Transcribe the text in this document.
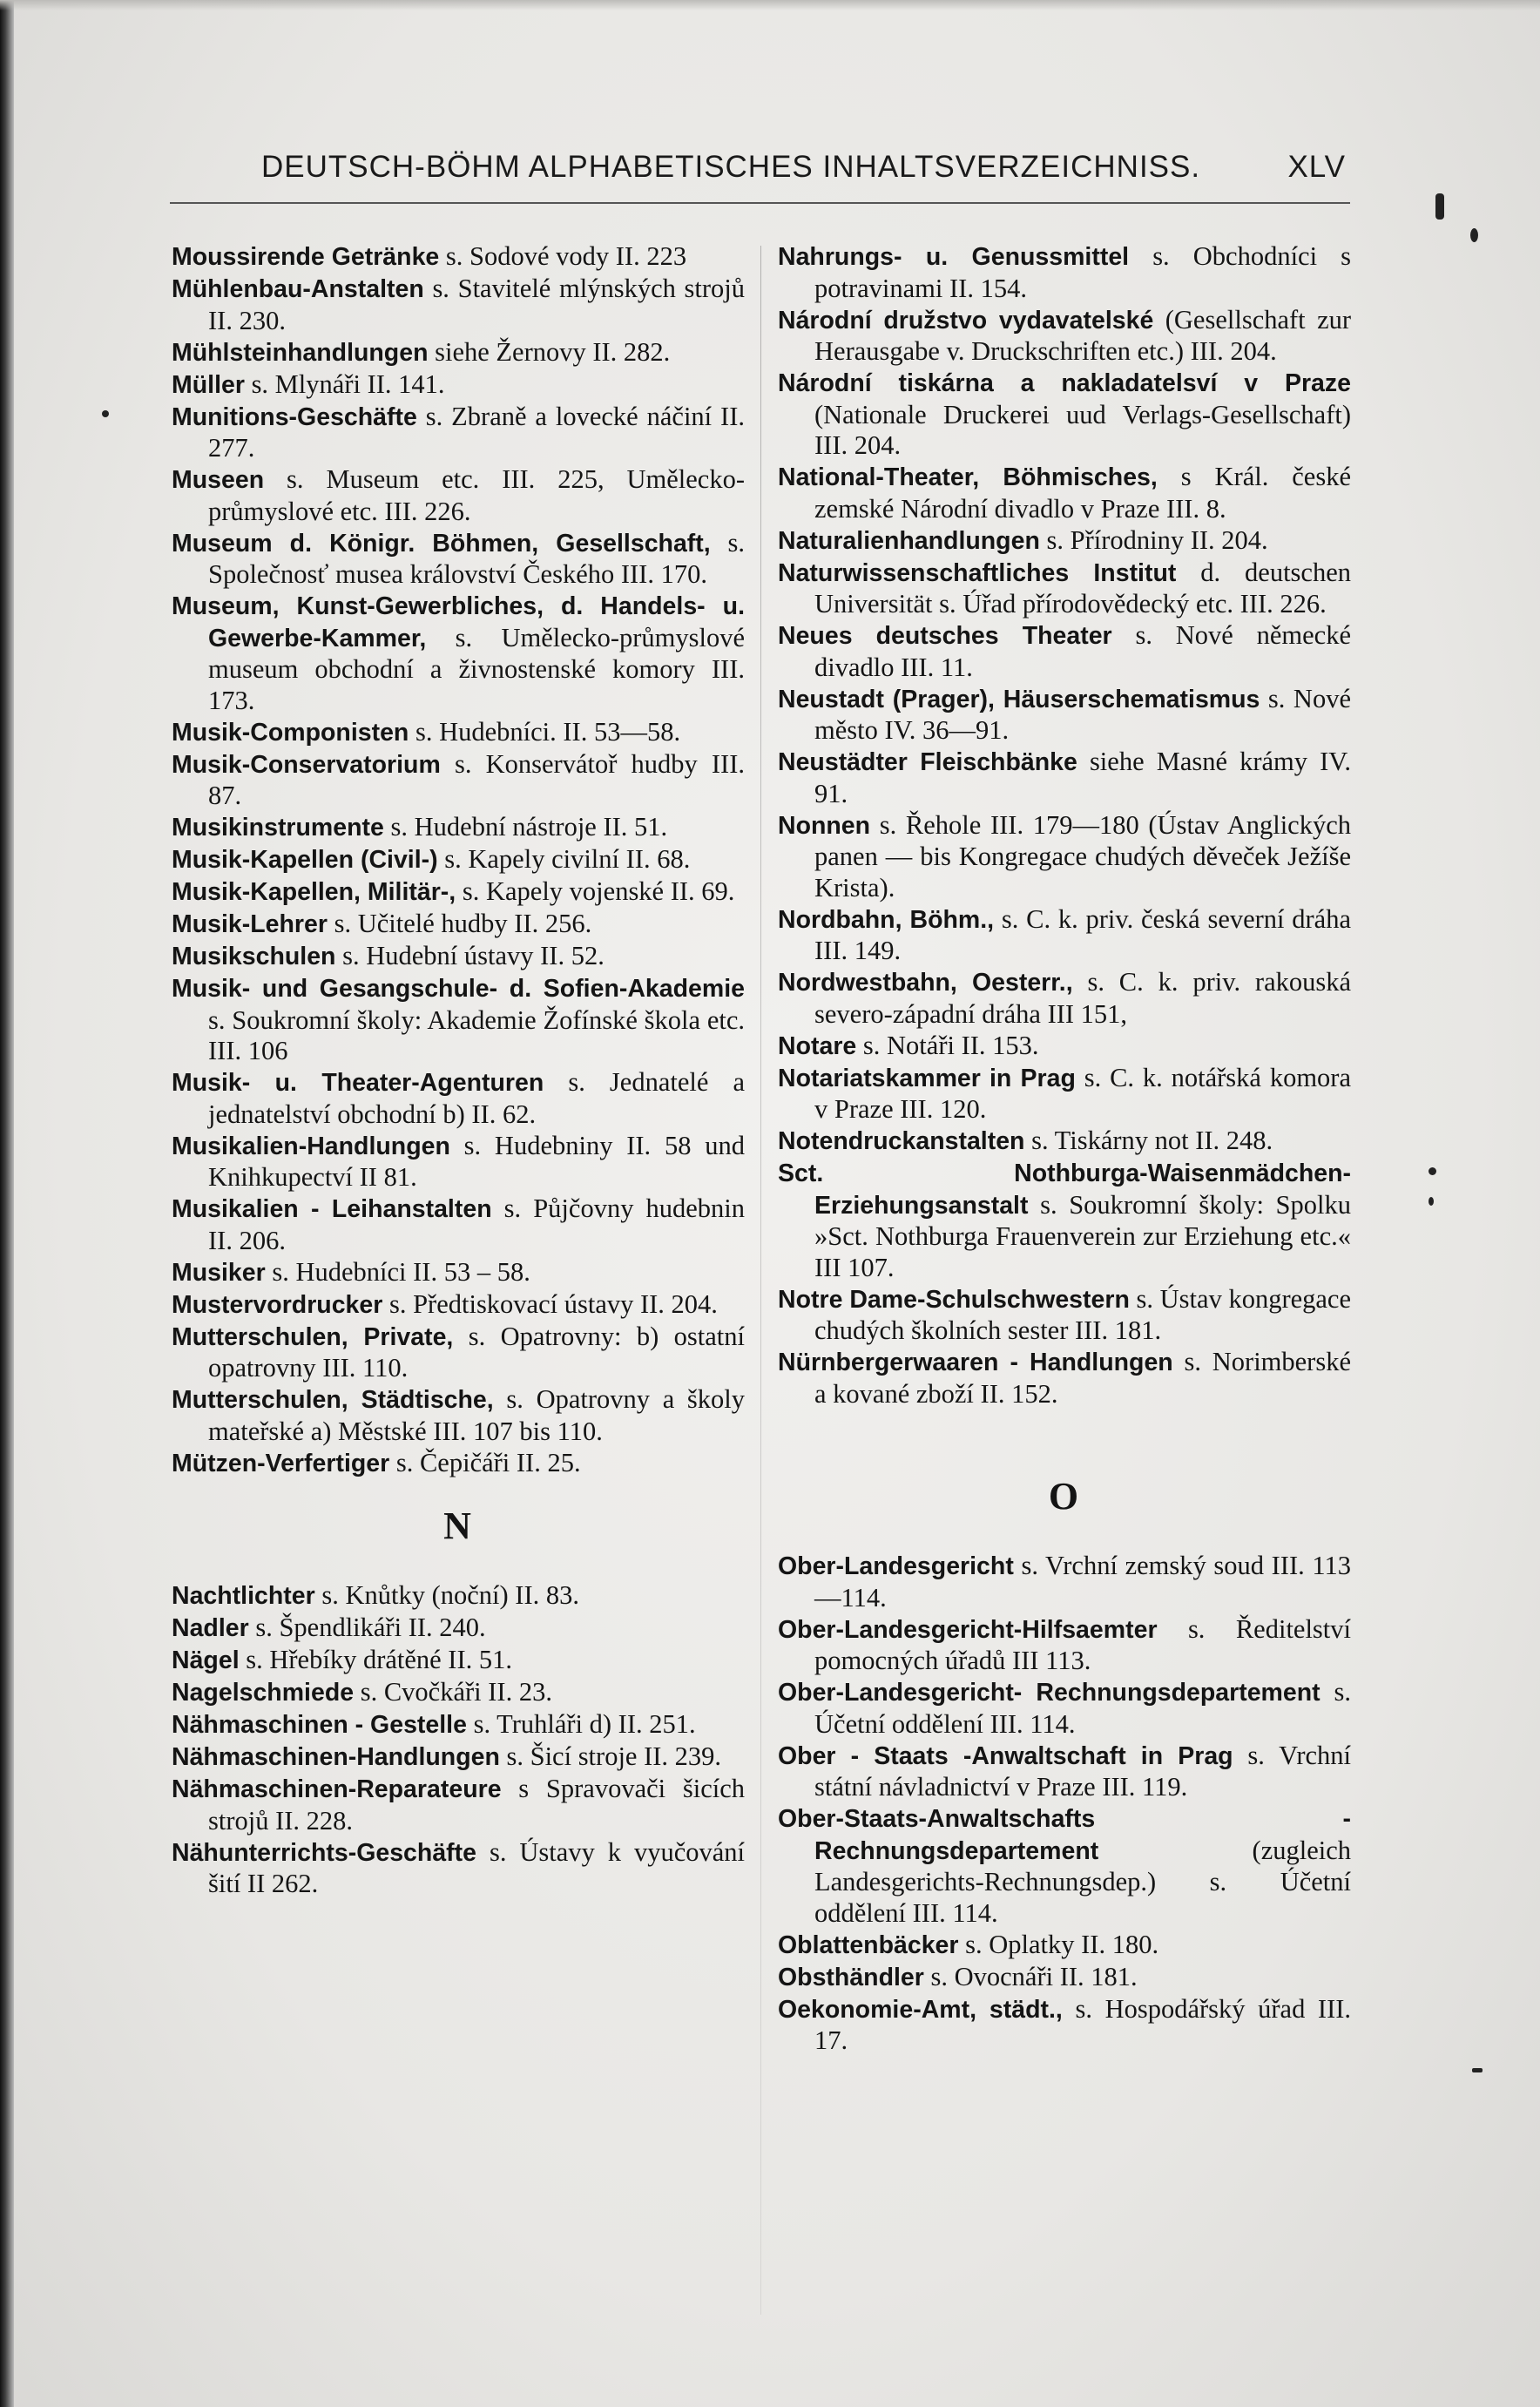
DEUTSCH-BÖHM ALPHABETISCHES INHALTSVERZEICHNISS.	XLV
Moussirende Getränke s. Sodové vody II. 223
Mühlenbau-Anstalten s. Stavitelé mlýnských strojů II. 230.
Mühlsteinhandlungen siehe Žernovy II. 282.
Müller s. Mlynáři II. 141.
Munitions-Geschäfte s. Zbraně a lovecké náčiní II. 277.
Museen s. Museum etc. III. 225, Umělecko-průmyslové etc. III. 226.
Museum d. Königr. Böhmen, Gesellschaft, s. Společnosť musea království Českého III. 170.
Museum, Kunst-Gewerbliches, d. Handels- u. Gewerbe-Kammer, s. Umělecko-průmyslové museum obchodní a živnostenské komory III. 173.
Musik-Componisten s. Hudebníci. II. 53—58.
Musik-Conservatorium s. Konservátoř hudby III. 87.
Musikinstrumente s. Hudební nástroje II. 51.
Musik-Kapellen (Civil-) s. Kapely civilní II. 68.
Musik-Kapellen, Militär-, s. Kapely vojenské II. 69.
Musik-Lehrer s. Učitelé hudby II. 256.
Musikschulen s. Hudební ústavy II. 52.
Musik- und Gesangschule- d. Sofien-Akademie s. Soukromní školy: Akademie Žofínské škola etc. III. 106
Musik- u. Theater-Agenturen s. Jednatelé a jednatelství obchodní b) II. 62.
Musikalien-Handlungen s. Hudebniny II. 58 und Knihkupectví II 81.
Musikalien - Leihanstalten s. Půjčovny hudebnin II. 206.
Musiker s. Hudebníci II. 53 – 58.
Mustervordrucker s. Předtiskovací ústavy II. 204.
Mutterschulen, Private, s. Opatrovny: b) ostatní opatrovny III. 110.
Mutterschulen, Städtische, s. Opatrovny a školy mateřské a) Městské III. 107 bis 110.
Mützen-Verfertiger s. Čepičáři II. 25.
N
Nachtlichter s. Knůtky (noční) II. 83.
Nadler s. Špendlikáři II. 240.
Nägel s. Hřebíky drátěné II. 51.
Nagelschmiede s. Cvočkáři II. 23.
Nähmaschinen - Gestelle s. Truhláři d) II. 251.
Nähmaschinen-Handlungen s. Šicí stroje II. 239.
Nähmaschinen-Reparateure s Spravovači šicích strojů II. 228.
Nähunterrichts-Geschäfte s. Ústavy k vyučování šití II 262.
Nahrungs- u. Genussmittel s. Obchodníci s potravinami II. 154.
Národní družstvo vydavatelské (Gesellschaft zur Herausgabe v. Druckschriften etc.) III. 204.
Národní tiskárna a nakladatelsví v Praze (Nationale Druckerei uud Verlags-Gesellschaft) III. 204.
National-Theater, Böhmisches, s Král. české zemské Národní divadlo v Praze III. 8.
Naturalienhandlungen s. Přírodniny II. 204.
Naturwissenschaftliches Institut d. deutschen Universität s. Úřad přírodovědecký etc. III. 226.
Neues deutsches Theater s. Nové německé divadlo III. 11.
Neustadt (Prager), Häuserschematismus s. Nové město IV. 36—91.
Neustädter Fleischbänke siehe Masné krámy IV. 91.
Nonnen s. Řehole III. 179—180 (Ústav Anglických panen — bis Kongregace chudých děveček Ježíše Krista).
Nordbahn, Böhm., s. C. k. priv. česká severní dráha III. 149.
Nordwestbahn, Oesterr., s. C. k. priv. rakouská severo-západní dráha III 151,
Notare s. Notáři II. 153.
Notariatskammer in Prag s. C. k. notářská komora v Praze III. 120.
Notendruckanstalten s. Tiskárny not II. 248.
Sct. Nothburga-Waisenmädchen-Erziehungsanstalt s. Soukromní školy: Spolku »Sct. Nothburga Frauenverein zur Erziehung etc.« III 107.
Notre Dame-Schulschwestern s. Ústav kongregace chudých školních sester III. 181.
Nürnbergerwaaren - Handlungen s. Norimberské a kované zboží II. 152.
O
Ober-Landesgericht s. Vrchní zemský soud III. 113—114.
Ober-Landesgericht-Hilfsaemter s. Ředitelství pomocných úřadů III 113.
Ober-Landesgericht- Rechnungsdepartement s. Účetní oddělení III. 114.
Ober - Staats -Anwaltschaft in Prag s. Vrchní státní návladnictví v Praze III. 119.
Ober-Staats-Anwaltschafts -Rechnungsdepartement	(zugleich Landesgerichts-Rechnungsdep.) s. Účetní oddělení III. 114.
Oblattenbäcker s. Oplatky II. 180.
Obsthändler s. Ovocnáři II. 181.
Oekonomie-Amt, städt., s. Hospodářský úřad III. 17.
